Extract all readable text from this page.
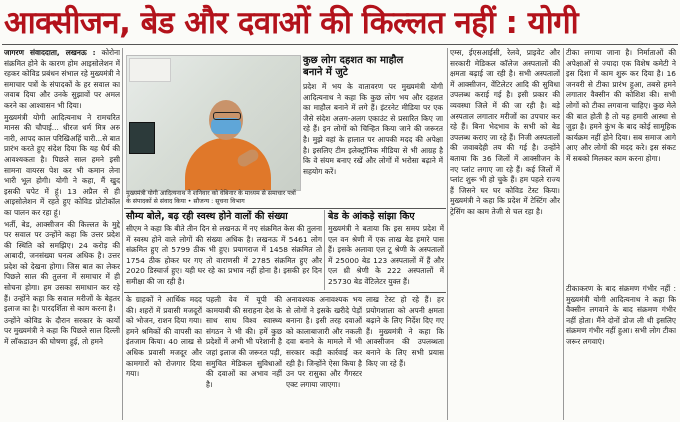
आक्सीजन, बेड और दवाओं की किल्लत नहीं : योगी

जागरण संवाददाता, लखनऊ : कोरोना संक्रमित होने के कारण होम आइसोलेशन में रहकर कोविड प्रबंधन संभाल रहे मुख्यमंत्री ने समाचार पत्रों के संपादकों के हर सवाल का जवाब दिया और उनके सुझावों पर अमल करने का आश्वासन भी दिया।

मुख्यमंत्री योगी आदित्यनाथ ने रामचरित मानस की चौपाई... धीरज धर्म मित्र अरु नारी, आपद काल परिखिअहिं चारी...से बात प्रारंभ करते हुए संदेश दिया कि यह धैर्य की आवश्यकता है। पिछले साल हमने इसी सामना वायरस पेश कर भी कमान लेना भारी भूल होगी। योगी ने कहा, मैं खुद इसकी चपेट में हूं। 13 अप्रैल से ही आइसोलेशन में रहते हुए कोविड प्रोटोकॉल का पालन कर रहा हूं।

भर्ती, बेड, आक्सीजन की किल्लत के मुद्दे पर सवाल पर उन्होंने कहा कि उत्तर प्रदेश की स्थिति को समझिए। 24 करोड़ की आबादी, जनसंख्या घनत्व अधिक है। उत्तर प्रदेश को देखना होगा। जिस बात का लेकर पिछले साल की तुलना में समाचार में ही सोचना होगा। हम उसका समाधान कर रहे हैं। उन्होंने कहा कि सवाल मरीजों के बेहतर इलाज का है। पारदर्शिता से काम करना है।

उन्होंने कोविड के दौरान सरकार के कार्यों पर मुख्यमंत्री ने कहा कि पिछले साल दिल्ली में लॉकडाउन की घोषणा हुई, तो हमने

मुख्यमंत्री योगी आदित्यनाथ ने शनिवार को वेबिनार के माध्यम से समाचार पत्रों के संपादकों से संवाद किया • सौजन्य : सूचना विभाग
कुछ लोग दहशत का माहौल
बनाने में जुटे
प्रदेश में भय के वातावरण पर मुख्यमंत्री योगी आदित्यनाथ ने कहा कि कुछ लोग भय और दहशत का माहौल बनाने में लगे हैं। इंटरनेट मीडिया पर एक जैसे संदेश अलग-अलग एकाउंट से प्रसारित किए जा रहे हैं। इन लोगों को चिन्हित किया जाने की जरूरत है। मुझे वहां के हालात पर आपकी मदद की अपेक्षा है। इसलिए टीम इलेक्ट्रॉनिक मीडिया से भी आग्रह है कि वे संयम बनाए रखें और लोगों में भरोसा बढ़ाने में सहयोग करें।
सौम्य बोले, बढ़ रही स्वस्थ होने वालों की संख्या
सीएम ने कहा कि बीते तीन दिन से लखनऊ में नए संक्रमित केस की तुलना में स्वस्थ होने वाले लोगों की संख्या अधिक है। लखनऊ में 5461 लोग संक्रमित हुए तो 5799 ठीक भी हुए। प्रयागराज में 1458 संक्रमित तो 1754 ठीक होकर घर गए तो वाराणसी में 2785 संक्रमित हुए और 2020 डिस्चार्ज हुए। यही घर रहे का प्रभाव नहीं होना है। इसकी हर दिन समीक्षा की जा रही है।
बेड के आंकड़े सांझा किए
मुख्यमंत्री ने बताया कि इस समय प्रदेश में एल वन श्रेणी में एक लाख बेड हमारे पास हैं। इसके अलावा एल टू श्रेणी के अस्पतालों में 25000 बेड 123 अस्पतालों में हैं और एल थ्री श्रेणी के 222 अस्पतालों में 25730 बेड वेंटिलेटर युक्त हैं।
के ग्राहकों ने आर्थिक मदद की। शहरों में प्रवासी मजदूरों को भोजन, राशन दिया गया। हमने श्रमिकों की वापसी का इंतजाम किया। 40 लाख से अधिक प्रवासी मजदूर और कामगारों को रोजगार दिया गया।
पहली वेव में यूपी की कामयाबी की सराहना देश के साथ साथ विश्व स्वास्थ्य संगठन ने भी की। हमें कुछ प्रदेशों में अभी भी परेशानी है जहां इलाज की जरूरत पड़ी, समुचित मेडिकल सुविधाओं की दवाओं का अभाव नहीं है।
अनावश्यक अनावश्यक भय से लोगों ने इसके खरीदे पेड़ों बनाना है। इसी तरह दवाओं को कालाबाजारी और नकली दवा बनाने के मामले में भी सरकार कड़ी कार्रवाई कर रही है। जिन्होंने ऐसा किया है उन पर रासुका और गैंगस्टर एक्ट लगाया जाएगा।
लाख टेस्ट हो रहे हैं। हर प्रयोगशाला को अपनी क्षमता बढ़ाने के लिए निर्देश दिए गए हैं। मुख्यमंत्री ने कहा कि आक्सीजन की उपलब्धता बनाने के लिए सभी प्रयास किए जा रहे हैं।
एम्स, ईएसआईसी, रेलवे, प्राइवेट और सरकारी मेडिकल कॉलेज अस्पतालों की क्षमता बढ़ाई जा रही है। सभी अस्पतालों में आक्सीजन, वेंटिलेटर आदि की सुविधा उपलब्ध कराई गई है। इसी प्रकार की व्यवस्था जिले में की जा रही है। बड़े अस्पताल लगातार मरीजों का उपचार कर रहे हैं। बिना भेदभाव के सभी को बेड उपलब्ध कराए जा रहे हैं। निजी अस्पतालों की जवाबदेही तय की गई है। उन्होंने बताया कि 36 जिलों में आक्सीजन के नए प्लांट लगाए जा रहे हैं। कई जिलों में प्लांट शुरू भी हो चुके हैं। हम पहले राज्य हैं जिसने घर घर कोविड टेस्ट किया। मुख्यमंत्री ने कहा कि प्रदेश में टेस्टिंग और ट्रेसिंग का काम तेजी से चल रहा है।
टीका लगाया जाना है। निर्माताओं की अपेक्षाओं से ज्यादा एक विशेष कमेटी ने इस दिशा में काम शुरू कर दिया है। 16 जनवरी से टीका प्रारंभ हुआ, तबसे हमने लगातार वैक्सीन की कोशिश की। सभी लोगों को टीका लगवाना चाहिए। कुछ मेले की बात होती है तो यह हमारी आस्था से जुड़ा है। हमने कुंभ के बाद कोई सामूहिक कार्यक्रम नहीं होने दिया। सब समाज आगे आए और लोगों की मदद करे। इस संकट में सबको मिलकर काम करना होगा।
टीकाकरण के बाद संक्रमण गंभीर नहीं : मुख्यमंत्री योगी आदित्यनाथ ने कहा कि वैक्सीन लगवाने के बाद संक्रमण गंभीर नहीं होता। मैंने दोनों डोज ली थी इसलिए संक्रमण गंभीर नहीं हुआ। सभी लोग टीका जरूर लगवाएं।
